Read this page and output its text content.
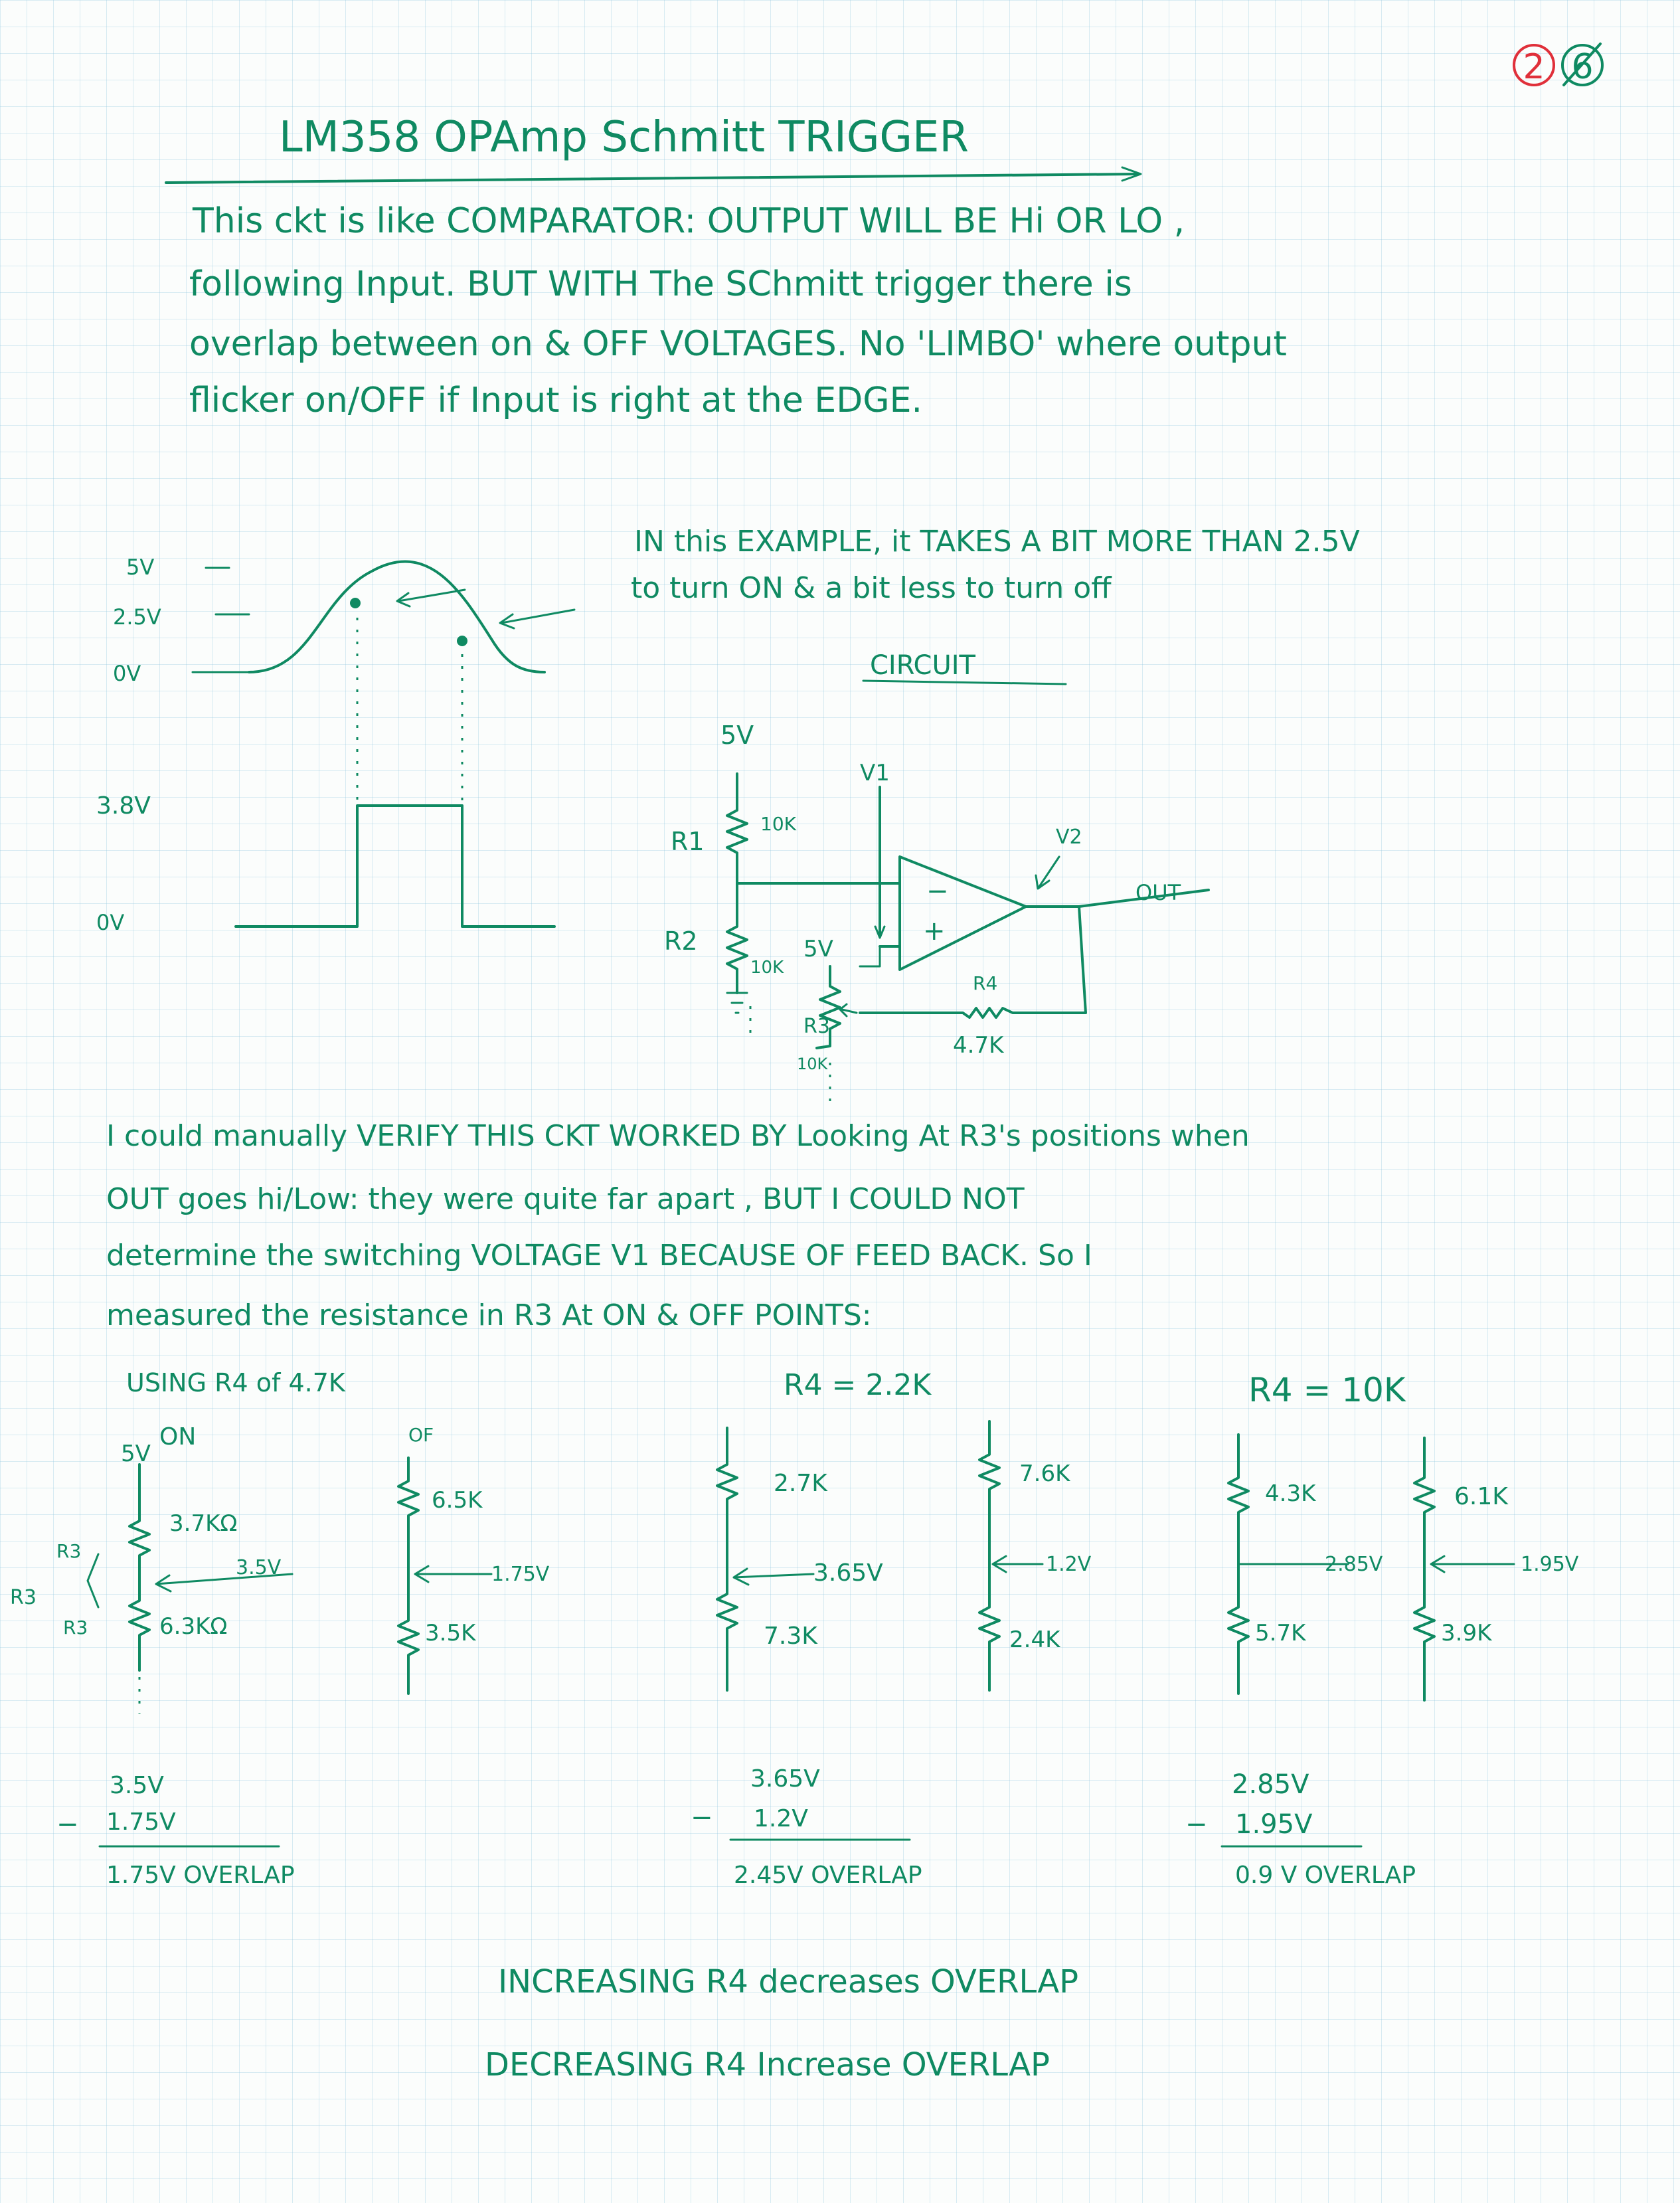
2 6
LM358 OPAmp Schmitt TRIGGER
This ckt is like COMPARATOR: OUTPUT WILL BE Hi OR LO ,
following Input. BUT WITH The SChmitt trigger there is
overlap between on & OFF VOLTAGES. No 'LIMBO' where output
flicker on/OFF if Input is right at the EDGE.
5V
2.5V
0V
3.8V
0V
IN this EXAMPLE, it TAKES A BIT MORE THAN 2.5V
to turn ON & a bit less to turn off
CIRCUIT
5V
V1
V2
R1
10K
R2
10K
−
+
OUT
R4
4.7K
5V
R3
10K
I could manually VERIFY THIS CKT WORKED BY Looking At R3's positions when
OUT goes hi/Low: they were quite far apart , BUT I COULD NOT
determine the switching VOLTAGE V1 BECAUSE OF FEED BACK. So I
measured the resistance in R3 At ON & OFF POINTS:
USING R4 of 4.7K
ON	OF
5V
3.7KΩ
6.3KΩ
3.5V
R3
R3
R3
6.5K
3.5K
1.75V
3.5V
− 1.75V
1.75V OVERLAP
R4 = 2.2K
2.7K
7.3K
3.65V
7.6K
2.4K
1.2V
3.65V
− 1.2V
2.45V OVERLAP
R4 = 10K
4.3K
5.7K
2.85V
6.1K
3.9K
1.95V
2.85V
− 1.95V
0.9 V OVERLAP
INCREASING R4 decreases OVERLAP
DECREASING R4 Increase OVERLAP
